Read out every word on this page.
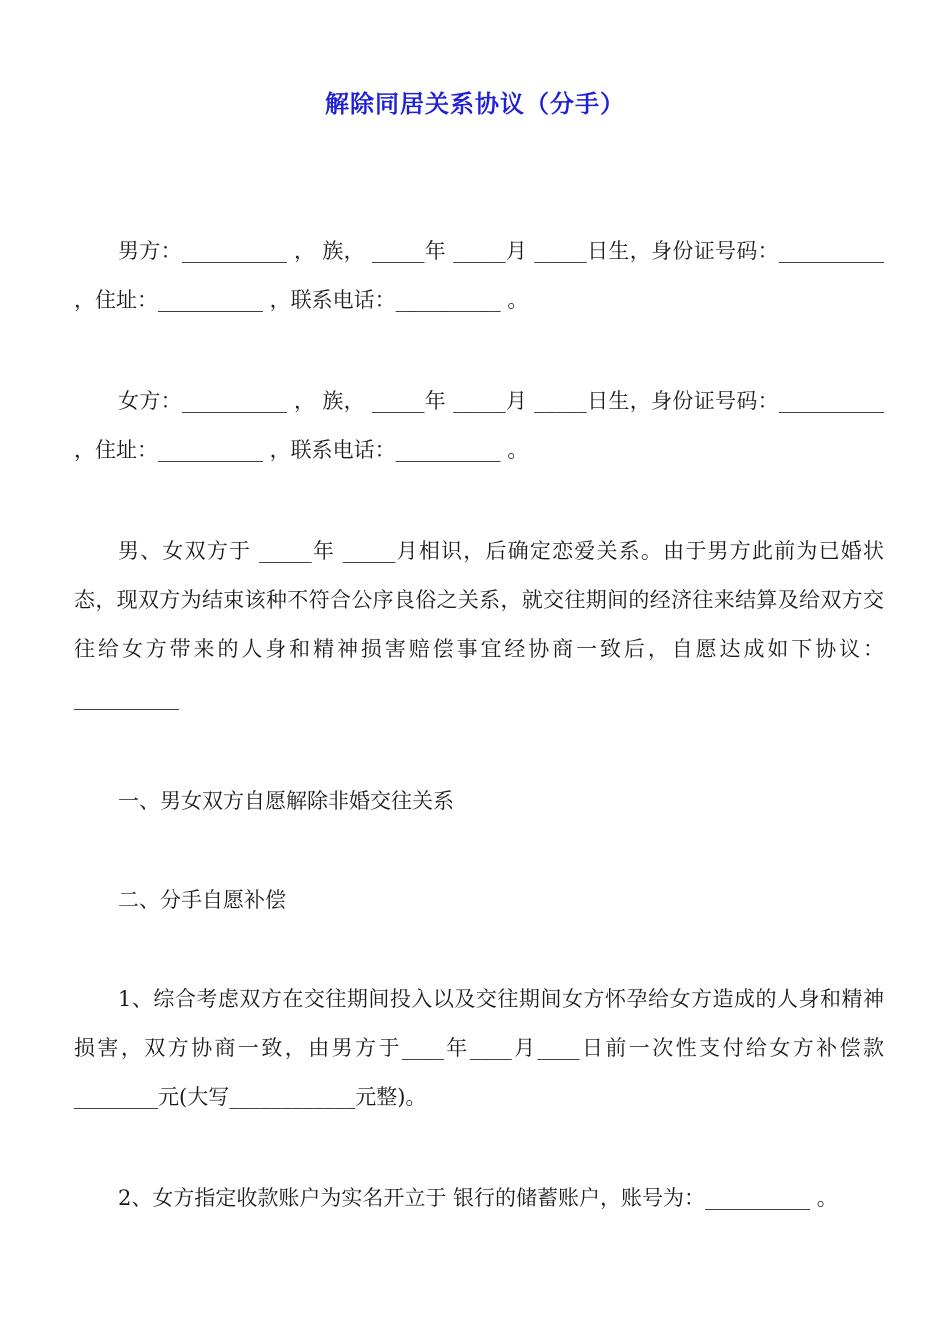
解除同居关系协议（分手）
男方：__________ ， 族， _____年 _____月 _____日生，身份证号码：__________ ，住址：__________ ，联系电话：__________ 。
女方：__________ ， 族， _____年 _____月 _____日生，身份证号码：__________ ，住址：__________ ，联系电话：__________ 。
男、女双方于 _____年 _____月相识，后确定恋爱关系。由于男方此前为已婚状态，现双方为结束该种不符合公序良俗之关系，就交往期间的经济往来结算及给双方交往给女方带来的人身和精神损害赔偿事宜经协商一致后，自愿达成如下协议：__________
一、男女双方自愿解除非婚交往关系
二、分手自愿补偿
1、综合考虑双方在交往期间投入以及交往期间女方怀孕给女方造成的人身和精神损害，双方协商一致，由男方于____年____月____日前一次性支付给女方补偿款________元(大写____________元整)。
2、女方指定收款账户为实名开立于 银行的储蓄账户，账号为：__________ 。
